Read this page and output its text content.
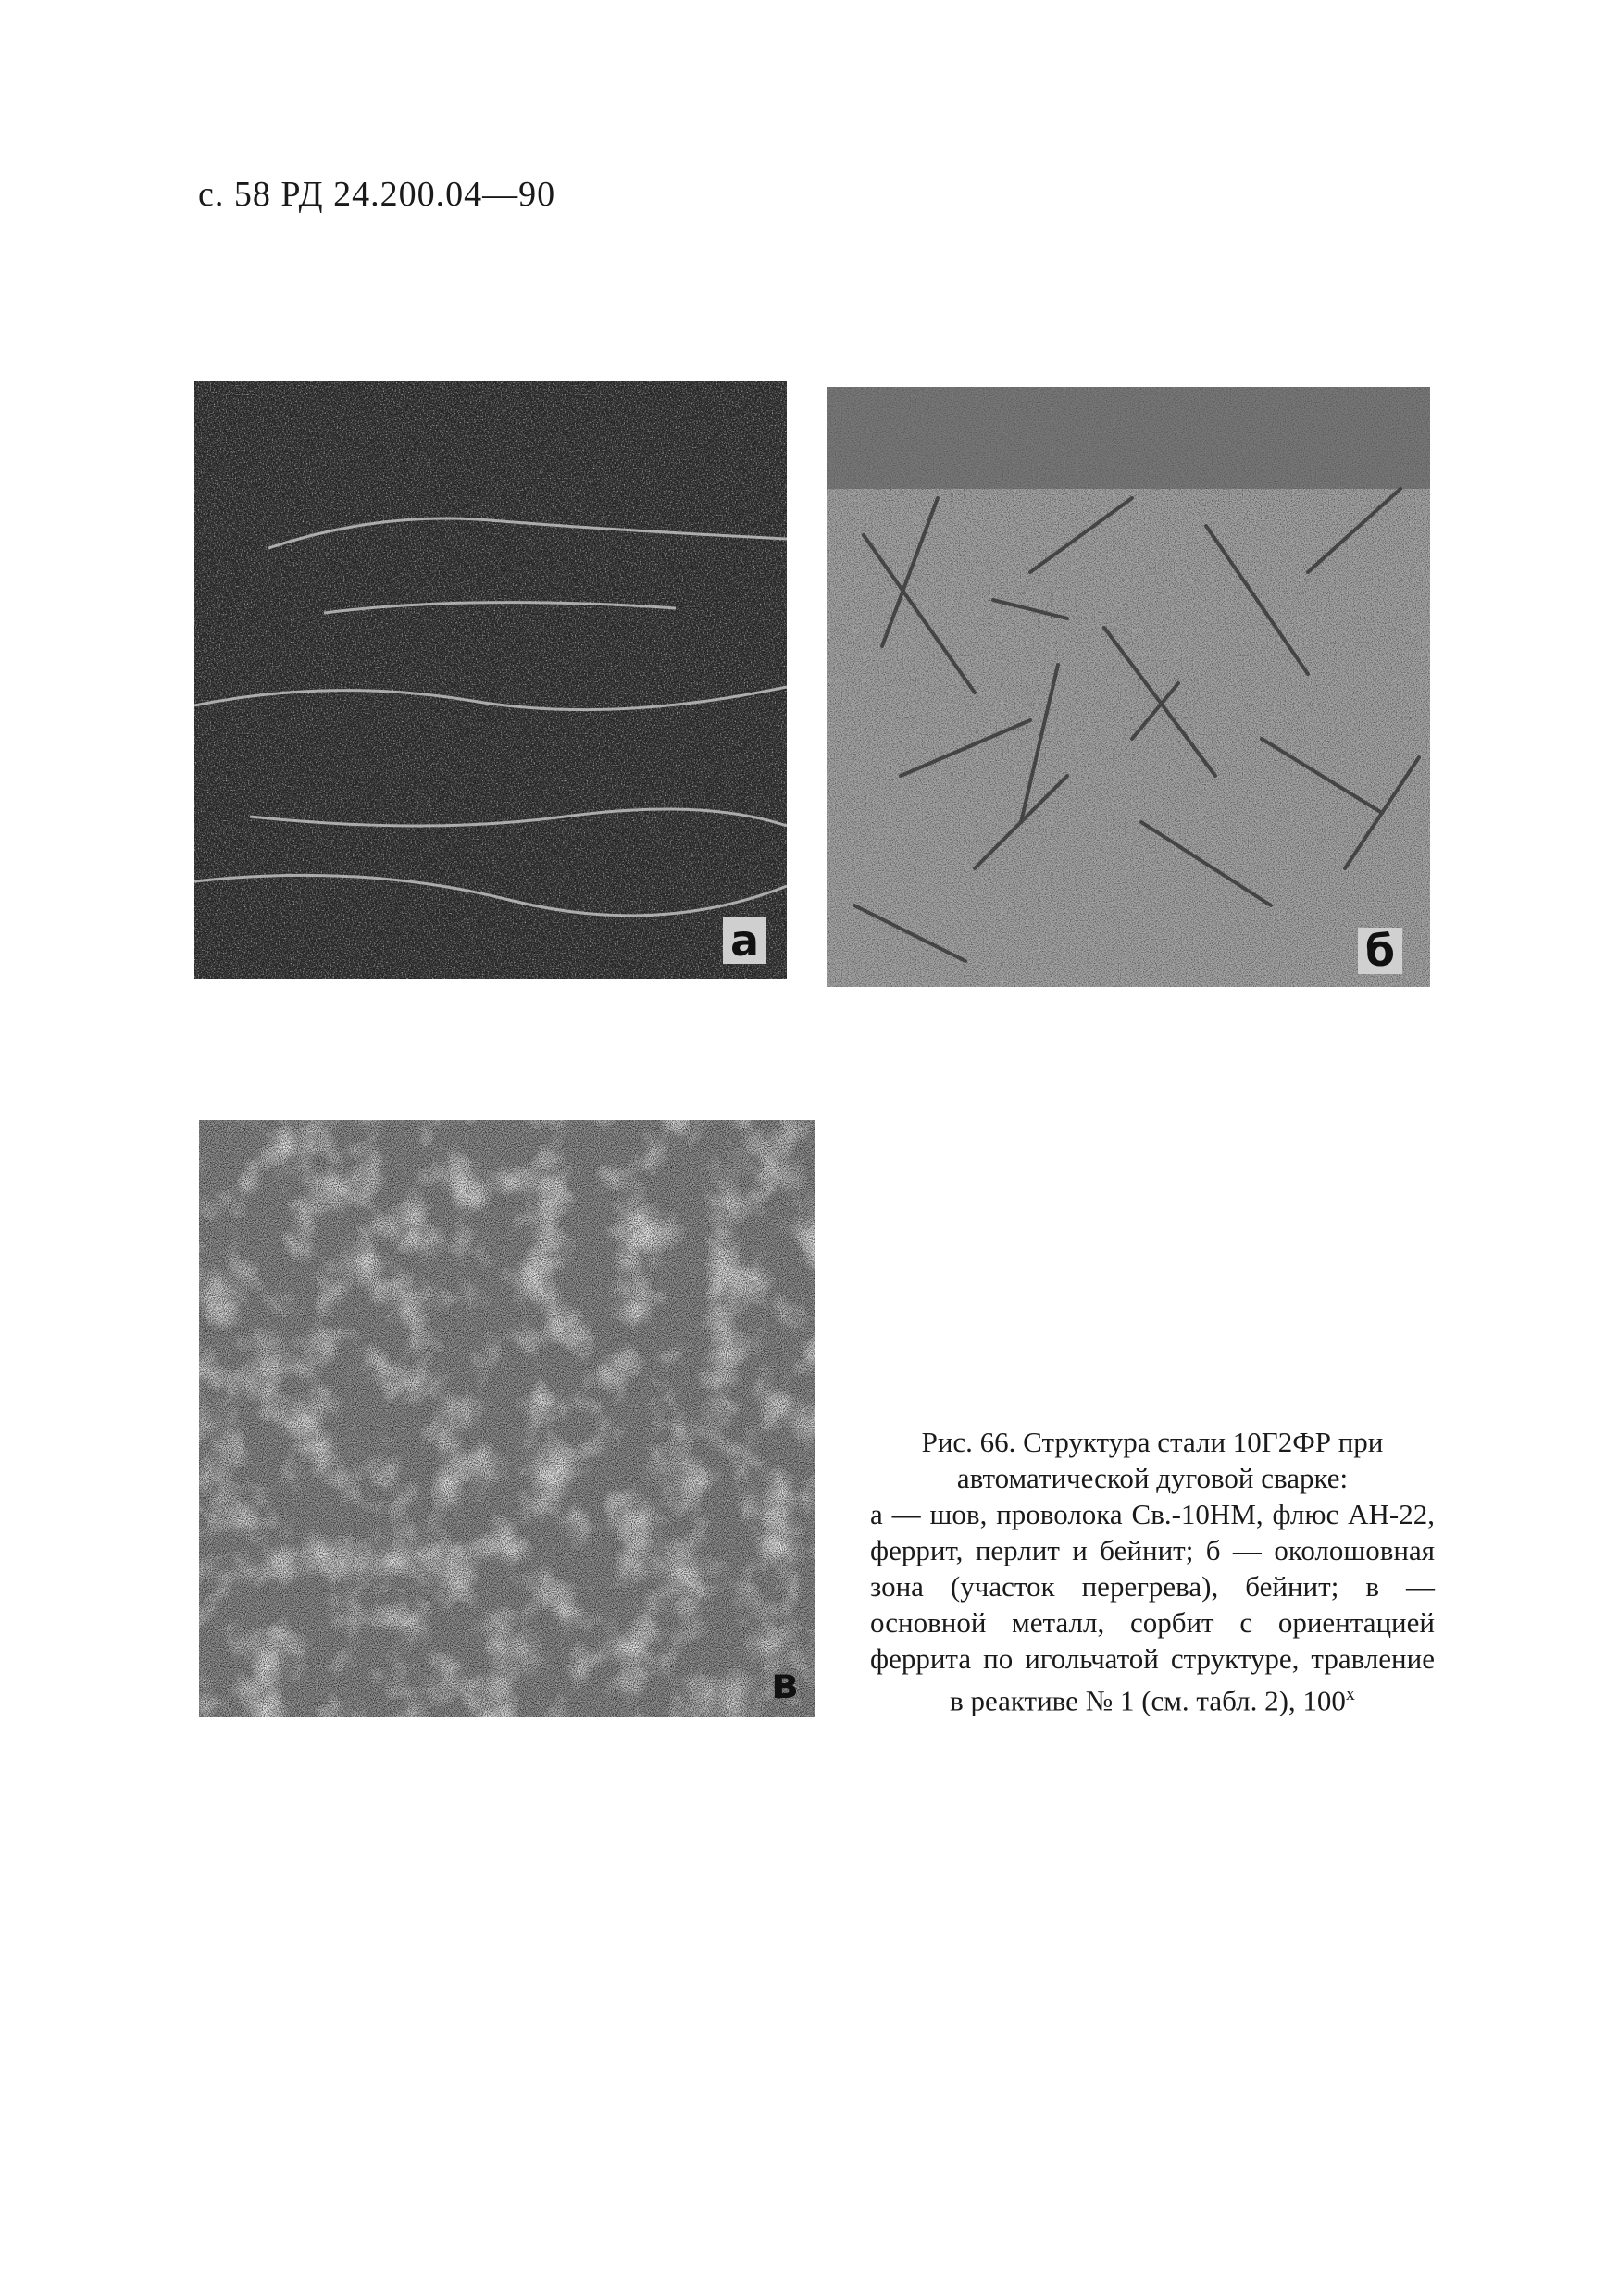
с. 58 РД 24.200.04—90
а	б
в
Рис. 66. Структура стали 10Г2ФР при автоматической дуговой сварке:
а — шов, проволока Св.-10НМ, флюс АН-22, феррит, перлит и бейнит; б — околошовная зона (участок перегрева), бейнит; в — основной металл, сорбит с ориентацией феррита по игольчатой структуре, травление в реактиве № 1 (см. табл. 2), 100$^x$
